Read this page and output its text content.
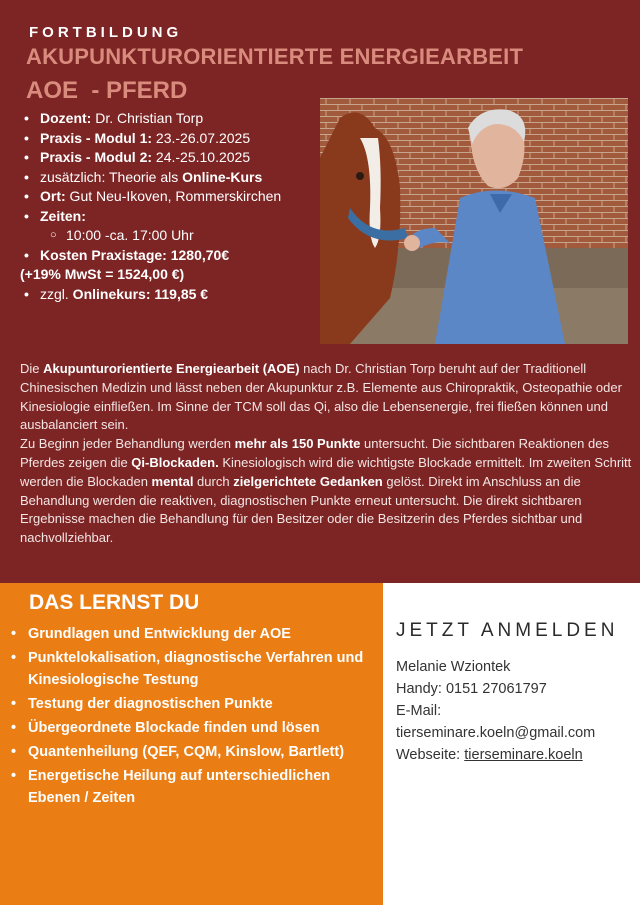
FORTBILDUNG
AKUPUNKTURORIENTIERTE ENERGIEARBEIT
AOE  - PFERD
• Dozent: Dr. Christian Torp
• Praxis - Modul 1: 23.-26.07.2025
• Praxis - Modul 2: 24.-25.10.2025
• zusätzlich: Theorie als Online-Kurs
• Ort: Gut Neu-Ikoven, Rommerskirchen
• Zeiten:
○ 10:00 -ca. 17:00 Uhr
• Kosten Praxistage: 1280,70€
(+19% MwSt = 1524,00 €)
• zzgl. Onlinekurs: 119,85 €

Die Akupunturorientierte Energiearbeit (AOE) nach Dr. Christian Torp beruht auf der Traditionell Chinesischen Medizin und lässt neben der Akupunktur z.B. Elemente aus Chiropraktik, Osteopathie oder Kinesiologie einfließen. Im Sinne der TCM soll das Qi, also die Lebensenergie, frei fließen können und ausbalanciert sein.

Zu Beginn jeder Behandlung werden mehr als 150 Punkte untersucht. Die sichtbaren Reaktionen des Pferdes zeigen die Qi-Blockaden. Kinesiologisch wird die wichtigste Blockade ermittelt. Im zweiten Schritt werden die Blockaden mental durch zielgerichtete Gedanken gelöst. Direkt im Anschluss an die Behandlung werden die reaktiven, diagnostischen Punkte erneut untersucht. Die direkt sichtbaren Ergebnisse machen die Behandlung für den Besitzer oder die Besitzerin des Pferdes sichtbar und nachvollziehbar.

DAS LERNST DU
• Grundlagen und Entwicklung der AOE
• Punktelokalisation, diagnostische Verfahren und Kinesiologische Testung
• Testung der diagnostischen Punkte
• Übergeordnete Blockade finden und lösen
• Quantenheilung (QEF, CQM, Kinslow, Bartlett)
• Energetische Heilung auf unterschiedlichen Ebenen / Zeiten
JETZT ANMELDEN
Melanie Wziontek
Handy: 0151 27061797
E-Mail:
tierseminare.koeln@gmail.com
Webseite: tierseminare.koeln
